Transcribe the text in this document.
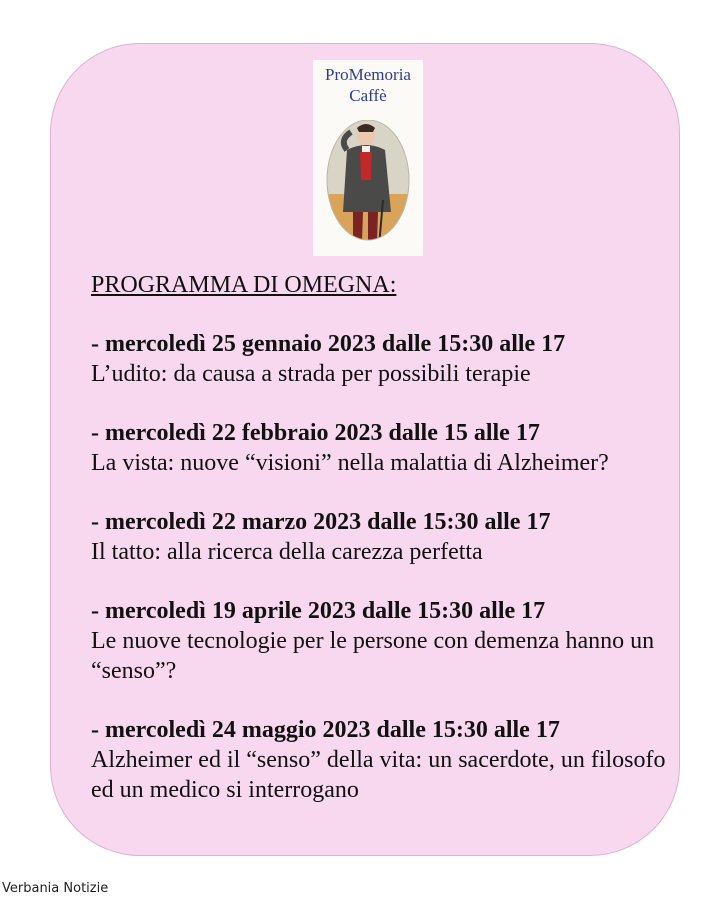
ProMemoria
Caffè
PROGRAMMA DI OMEGNA:
- mercoledì 25 gennaio 2023 dalle 15:30 alle 17
L’udito: da causa a strada per possibili terapie
- mercoledì 22 febbraio 2023 dalle 15 alle 17
La vista: nuove “visioni” nella malattia di Alzheimer?
- mercoledì 22 marzo 2023 dalle 15:30 alle 17
Il tatto: alla ricerca della carezza perfetta
- mercoledì 19 aprile 2023 dalle 15:30 alle 17
Le nuove tecnologie per le persone con demenza hanno un “senso”?
- mercoledì 24 maggio 2023 dalle 15:30 alle 17
Alzheimer ed il “senso” della vita: un sacerdote, un filosofo ed un medico si interrogano
Verbania Notizie
